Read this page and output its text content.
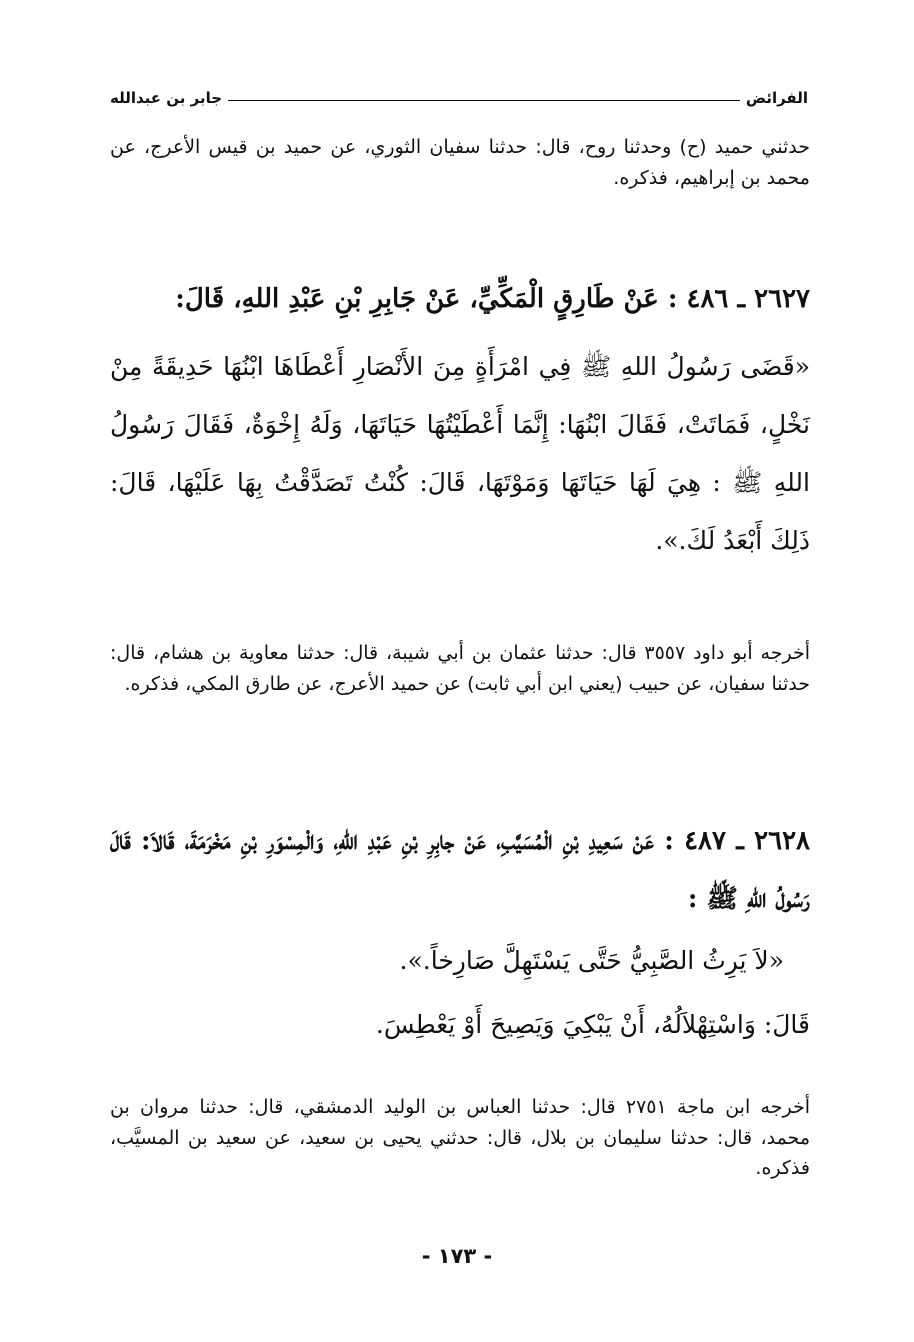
الفرائض
جابر بن عبدالله

حدثني حميد (ح) وحدثنا روح، قال: حدثنا سفيان الثوري، عن حميد بن قيس الأعرج، عن محمد بن إبراهيم، فذكره.

٢٦٢٧ ـ ٤٨٦ : عَنْ طَارِقٍ الْمَكِّيِّ، عَنْ جَابِرِ بْنِ عَبْدِ اللهِ، قَالَ:
«قَضَى رَسُولُ اللهِ ﷺ فِي امْرَأَةٍ مِنَ الأَنْصَارِ أَعْطَاهَا ابْنُهَا حَدِيقَةً مِنْ نَخْلٍ، فَمَاتَتْ، فَقَالَ ابْنُهَا: إِنَّمَا أَعْطَيْتُهَا حَيَاتَهَا، وَلَهُ إِخْوَةٌ، فَقَالَ رَسُولُ اللهِ ﷺ : هِيَ لَهَا حَيَاتَهَا وَمَوْتَهَا، قَالَ: كُنْتُ تَصَدَّقْتُ بِهَا عَلَيْهَا، قَالَ: ذَلِكَ أَبْعَدُ لَكَ.».

أخرجه أبو داود ٣٥٥٧ قال: حدثنا عثمان بن أبي شيبة، قال: حدثنا معاوية بن هشام، قال: حدثنا سفيان، عن حبيب (يعني ابن أبي ثابت) عن حميد الأعرج، عن طارق المكي، فذكره.

٢٦٢٨ ـ ٤٨٧ : عَنْ سَعِيدِ بْنِ الْمُسَيَّبِ، عَنْ جابِرِ بْنِ عَبْدِ اللهِ، وَالْمِسْوَرِ بْنِ مَخْرَمَةَ، قَالاَ: قَالَ رَسُولُ اللهِ ﷺ :
«لاَ يَرِثُ الصَّبِيُّ حَتَّى يَسْتَهِلَّ صَارِخاً.».
قَالَ: وَاسْتِهْلاَلُهُ، أَنْ يَبْكِيَ وَيَصِيحَ أَوْ يَعْطِسَ.

أخرجه ابن ماجة ٢٧٥١ قال: حدثنا العباس بن الوليد الدمشقي، قال: حدثنا مروان بن محمد، قال: حدثنا سليمان بن بلال، قال: حدثني يحيى بن سعيد، عن سعيد بن المسيَّب، فذكره.

- ١٧٣ -
